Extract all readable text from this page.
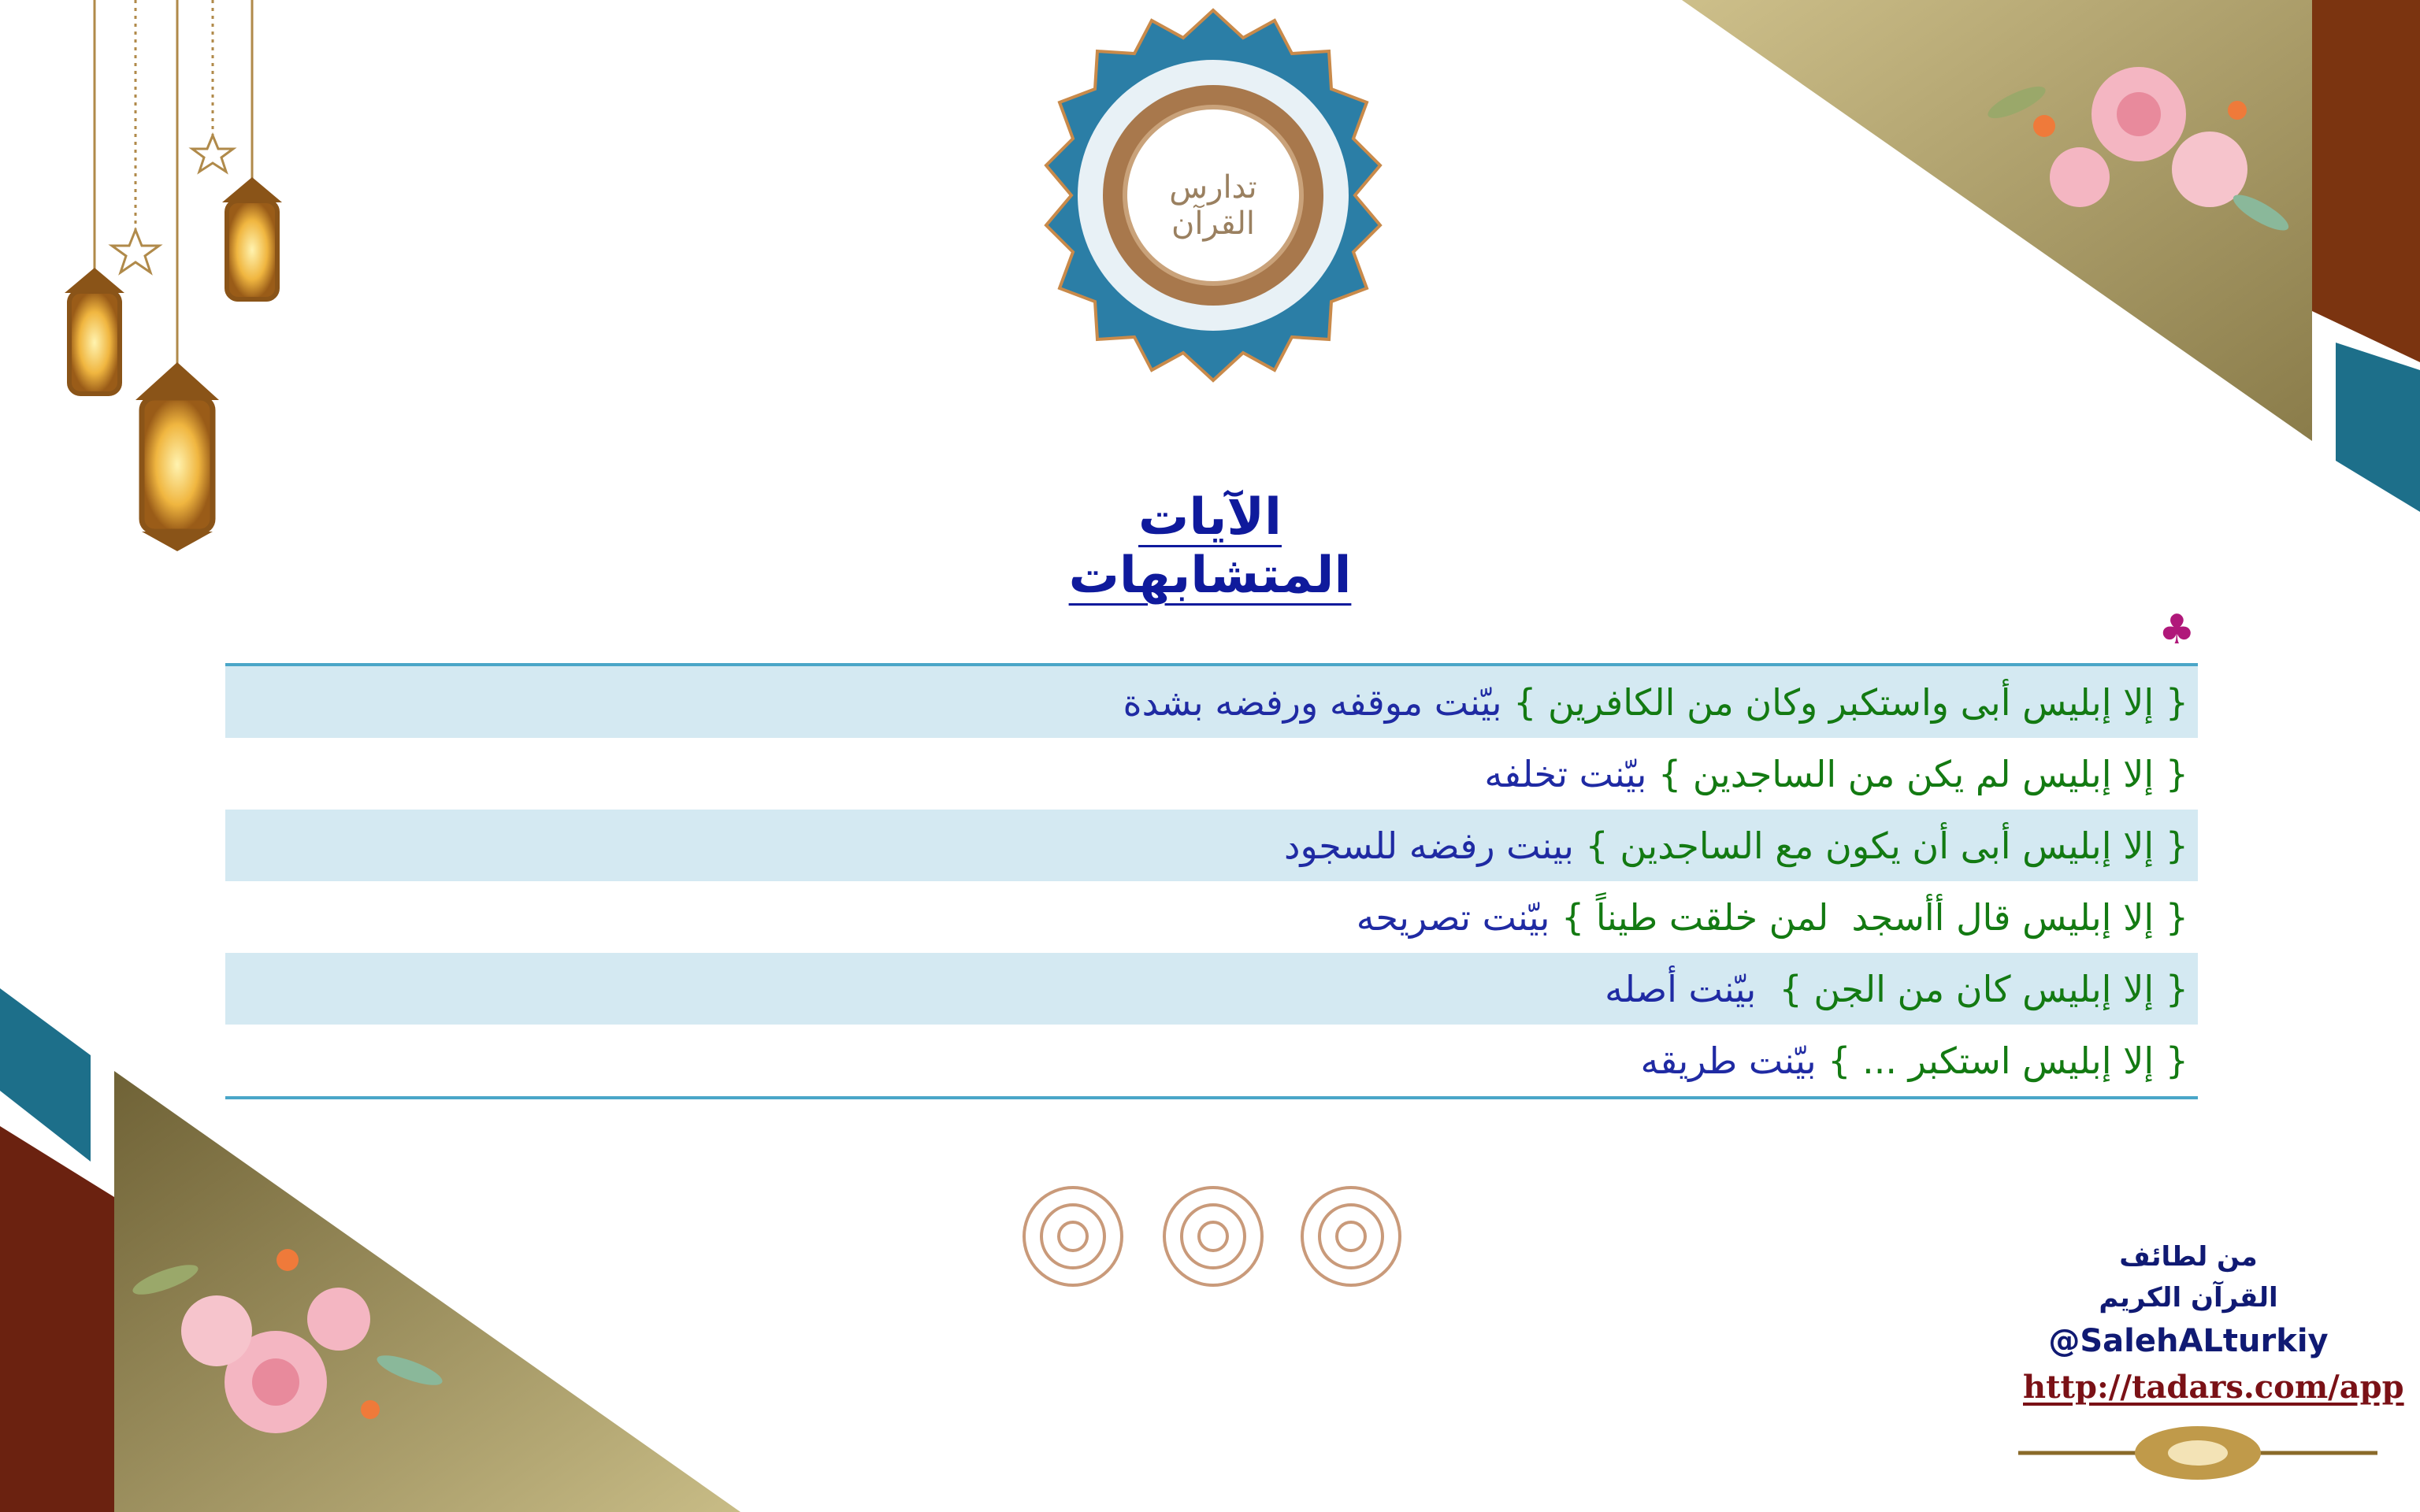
تدارس القرآن
الآيات المتشابهات
♣
{ إلا إبليس أبى واستكبر وكان من الكافرين }
بيّنت موقفه ورفضه بشدة
{ إلا إبليس لم يكن من الساجدين }
بيّنت تخلفه
{ إلا إبليس أبى أن يكون مع الساجدين }
بينت رفضه للسجود
{ إلا إبليس قال أأسجد  لمن خلقت طيناً }
بيّنت تصريحه
{ إلا إبليس كان من الجن }
بيّنت أصله
{ إلا إبليس استكبر ... }
بيّنت طريقه
من لطائف
القرآن الكريم
@SalehALturkiy
http://tadars.com/app
